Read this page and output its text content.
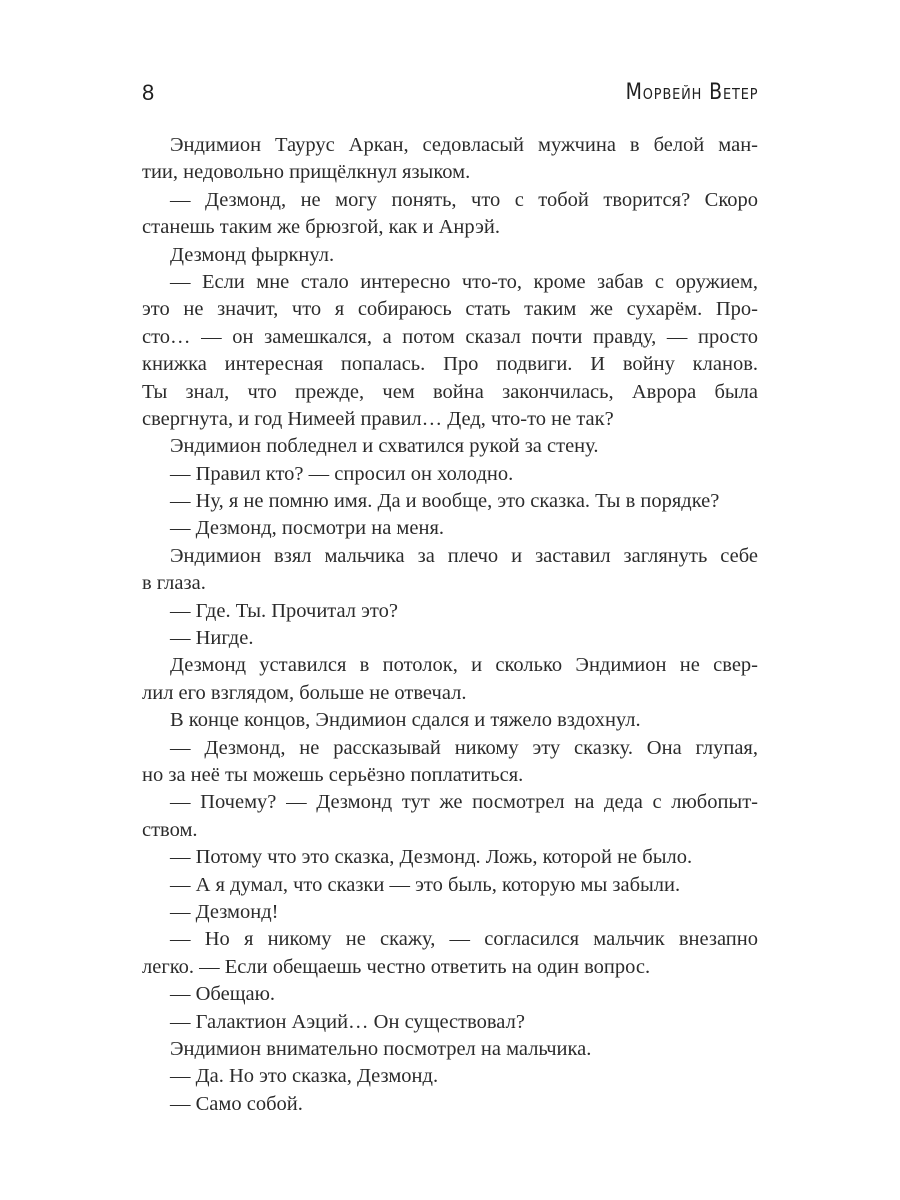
8	Морвейн Ветер
Эндимион Таурус Аркан, седовласый мужчина в белой ман-
тии, недовольно прищёлкнул языком.
— Дезмонд, не могу понять, что с тобой творится? Скоро
станешь таким же брюзгой, как и Анрэй.
Дезмонд фыркнул.
— Если мне стало интересно что-то, кроме забав с оружием,
это не значит, что я собираюсь стать таким же сухарём. Про-
сто… — он замешкался, а потом сказал почти правду, — просто
книжка интересная попалась. Про подвиги. И войну кланов.
Ты знал, что прежде, чем война закончилась, Аврора была
свергнута, и год Нимеей правил… Дед, что-то не так?
Эндимион побледнел и схватился рукой за стену.
— Правил кто? — спросил он холодно.
— Ну, я не помню имя. Да и вообще, это сказка. Ты в порядке?
— Дезмонд, посмотри на меня.
Эндимион взял мальчика за плечо и заставил заглянуть себе
в глаза.
— Где. Ты. Прочитал это?
— Нигде.
Дезмонд уставился в потолок, и сколько Эндимион не свер-
лил его взглядом, больше не отвечал.
В конце концов, Эндимион сдался и тяжело вздохнул.
— Дезмонд, не рассказывай никому эту сказку. Она глупая,
но за неё ты можешь серьёзно поплатиться.
— Почему? — Дезмонд тут же посмотрел на деда с любопыт-
ством.
— Потому что это сказка, Дезмонд. Ложь, которой не было.
— А я думал, что сказки — это быль, которую мы забыли.
— Дезмонд!
— Но я никому не скажу, — согласился мальчик внезапно
легко. — Если обещаешь честно ответить на один вопрос.
— Обещаю.
— Галактион Аэций… Он существовал?
Эндимион внимательно посмотрел на мальчика.
— Да. Но это сказка, Дезмонд.
— Само собой.
